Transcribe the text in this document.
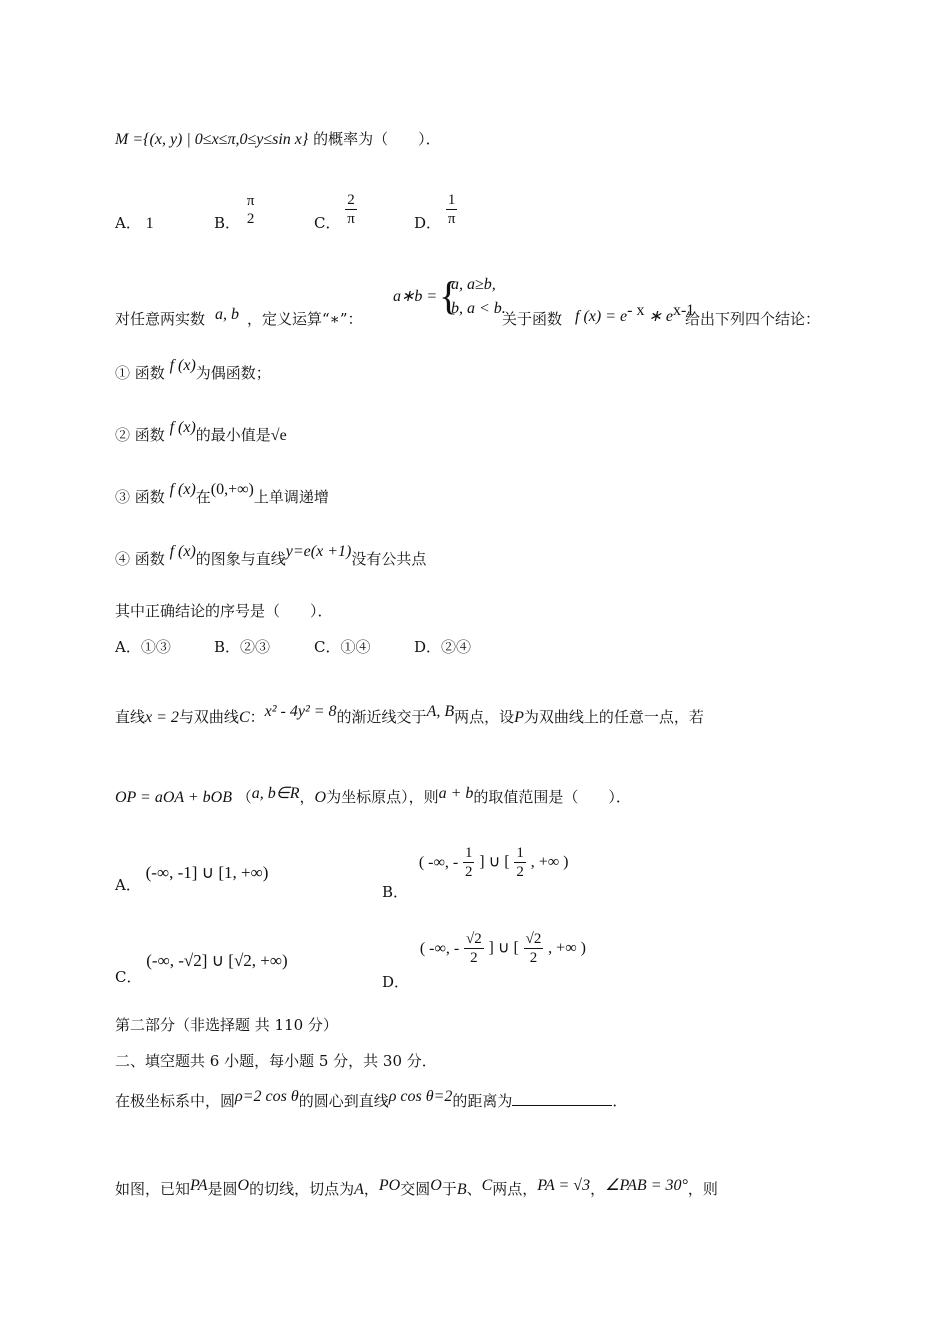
M ={(x, y) | 0≤x≤π,0≤y≤sin x} 的概率为（　　）．
A． 1	B．
π
2	C． $\frac{2}{\pi}$	D． $\frac{1}{\pi}$
对任意两实数 a, b ，定义运算“∗”：
a∗b = {
a, a≥b,
b, a < b.
关于函数 f $(x) = e^{- x}$ ∗ $e^{x-1}$
给出下列四个结论：
① 函数 f (x)为偶函数；
② 函数 f (x)的最小值是√e
③ 函数 f (x)在(0,+∞)上单调递增
④ 函数 f (x)的图象与直线y=e(x +1)没有公共点
其中正确结论的序号是（　　）．
A．①③	B．②③	C．①④	D．②④
直线x = 2与双曲线C：x² - 4y² = 8的渐近线交于A, B两点，设P为双曲线上的任意一点，若
OP = aOA + bOB （a, b∈R，O为坐标原点），则a + b的取值范围是（　　）．
A． (-∞, -1] ∪ [1, +∞)
B． ( -∞, - $\frac{1}{2}$ ] ∪ [ $\frac{1}{2}$ , +∞ )
C． (-∞, -√2] ∪ [√2, +∞)
D． ( -∞, - $\frac{√2}{2}$ ] ∪ [ $\frac{√2}{2}$ , +∞ )
第二部分（非选择题 共 110 分）
二、填空题共 6 小题，每小题 5 分，共 30 分．
在极坐标系中，圆ρ=2 cos θ的圆心到直线ρ cos θ=2的距离为	．
如图，已知PA是圆O的切线，切点为A，PO交圆O于B、C两点，PA = √3，∠PAB = 30°，则
